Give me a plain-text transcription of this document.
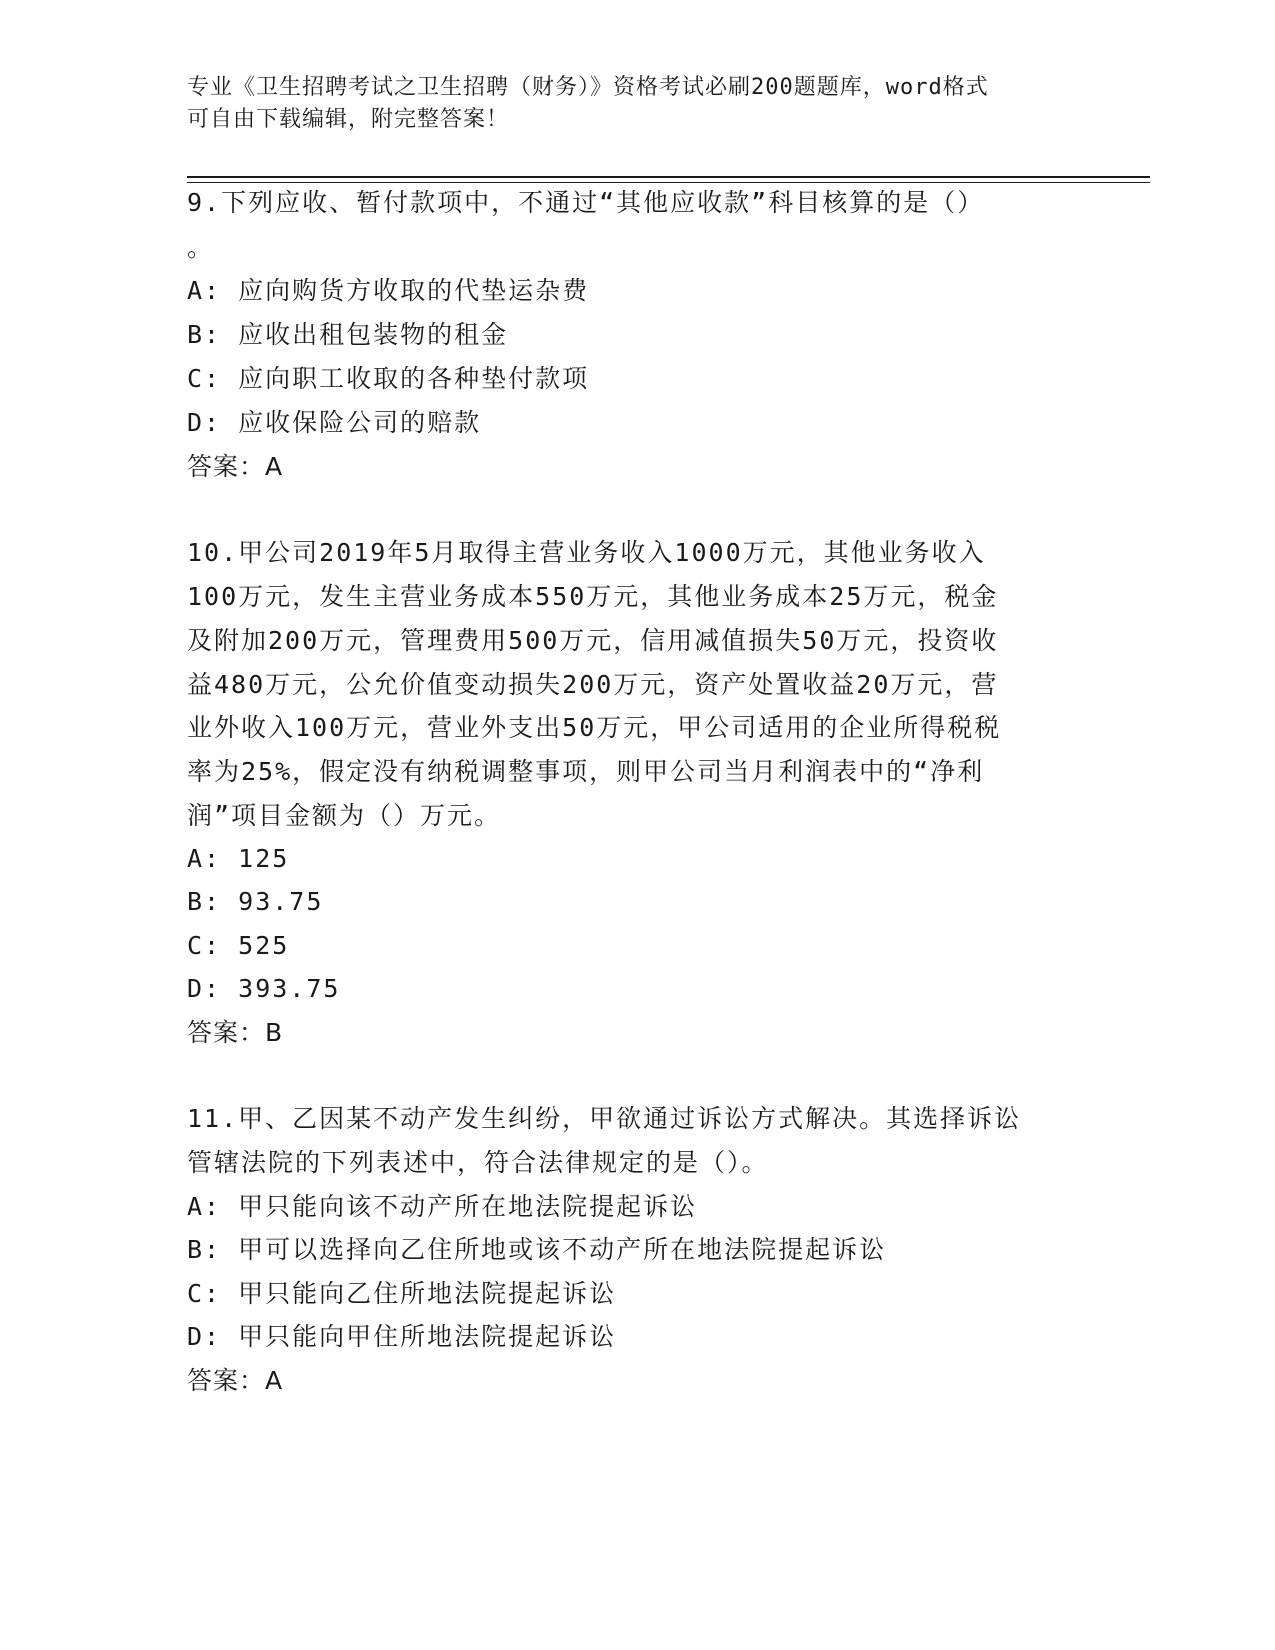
专业《卫生招聘考试之卫生招聘（财务）》资格考试必刷200题题库，word格式
可自由下载编辑，附完整答案！
9.下列应收、暂付款项中，不通过“其他应收款”科目核算的是（）
。
A: 应向购货方收取的代垫运杂费
B: 应收出租包装物的租金
C: 应向职工收取的各种垫付款项
D: 应收保险公司的赔款
答案：A
10.甲公司2019年5月取得主营业务收入1000万元，其他业务收入
100万元，发生主营业务成本550万元，其他业务成本25万元，税金
及附加200万元，管理费用500万元，信用减值损失50万元，投资收
益480万元，公允价值变动损失200万元，资产处置收益20万元，营
业外收入100万元，营业外支出50万元，甲公司适用的企业所得税税
率为25%，假定没有纳税调整事项，则甲公司当月利润表中的“净利
润”项目金额为（）万元。
A: 125
B: 93.75
C: 525
D: 393.75
答案：B
11.甲、乙因某不动产发生纠纷，甲欲通过诉讼方式解决。其选择诉讼
管辖法院的下列表述中，符合法律规定的是（）。
A: 甲只能向该不动产所在地法院提起诉讼
B: 甲可以选择向乙住所地或该不动产所在地法院提起诉讼
C: 甲只能向乙住所地法院提起诉讼
D: 甲只能向甲住所地法院提起诉讼
答案：A
